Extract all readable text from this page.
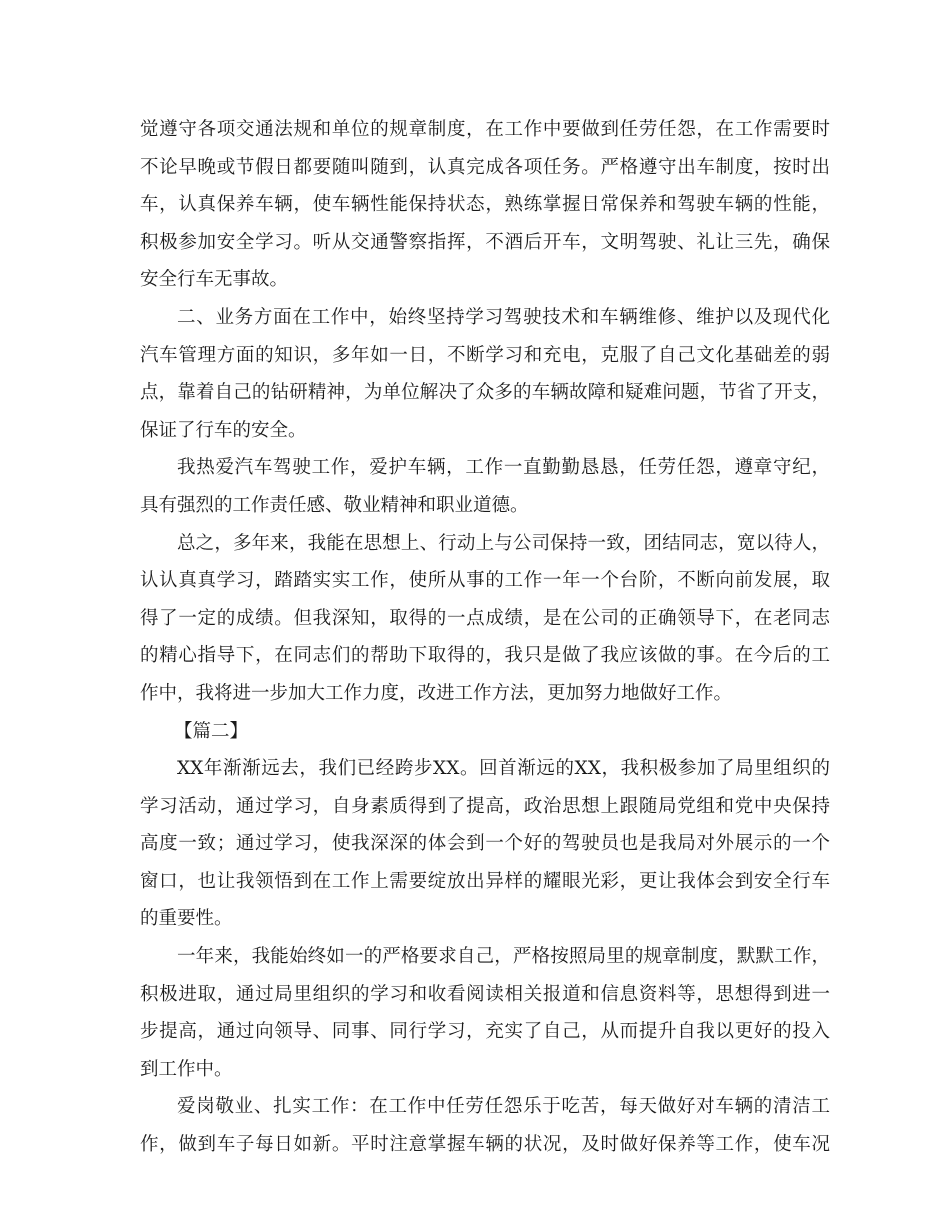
觉遵守各项交通法规和单位的规章制度，在工作中要做到任劳任怨，在工作需要时
不论早晚或节假日都要随叫随到，认真完成各项任务。严格遵守出车制度，按时出
车，认真保养车辆，使车辆性能保持状态，熟练掌握日常保养和驾驶车辆的性能，
积极参加安全学习。听从交通警察指挥，不酒后开车，文明驾驶、礼让三先，确保
安全行车无事故。
二、业务方面在工作中，始终坚持学习驾驶技术和车辆维修、维护以及现代化
汽车管理方面的知识，多年如一日，不断学习和充电，克服了自己文化基础差的弱
点，靠着自己的钻研精神，为单位解决了众多的车辆故障和疑难问题，节省了开支，
保证了行车的安全。
我热爱汽车驾驶工作，爱护车辆，工作一直勤勤恳恳，任劳任怨，遵章守纪，
具有强烈的工作责任感、敬业精神和职业道德。
总之，多年来，我能在思想上、行动上与公司保持一致，团结同志，宽以待人，
认认真真学习，踏踏实实工作，使所从事的工作一年一个台阶，不断向前发展，取
得了一定的成绩。但我深知，取得的一点成绩，是在公司的正确领导下，在老同志
的精心指导下，在同志们的帮助下取得的，我只是做了我应该做的事。在今后的工
作中，我将进一步加大工作力度，改进工作方法，更加努力地做好工作。
【篇二】
XX年渐渐远去，我们已经跨步XX。回首渐远的XX，我积极参加了局里组织的
学习活动，通过学习，自身素质得到了提高，政治思想上跟随局党组和党中央保持
高度一致；通过学习，使我深深的体会到一个好的驾驶员也是我局对外展示的一个
窗口，也让我领悟到在工作上需要绽放出异样的耀眼光彩，更让我体会到安全行车
的重要性。
一年来，我能始终如一的严格要求自己，严格按照局里的规章制度，默默工作，
积极进取，通过局里组织的学习和收看阅读相关报道和信息资料等，思想得到进一
步提高，通过向领导、同事、同行学习，充实了自己，从而提升自我以更好的投入
到工作中。
爱岗敬业、扎实工作：在工作中任劳任怨乐于吃苦，每天做好对车辆的清洁工
作，做到车子每日如新。平时注意掌握车辆的状况，及时做好保养等工作，使车况
